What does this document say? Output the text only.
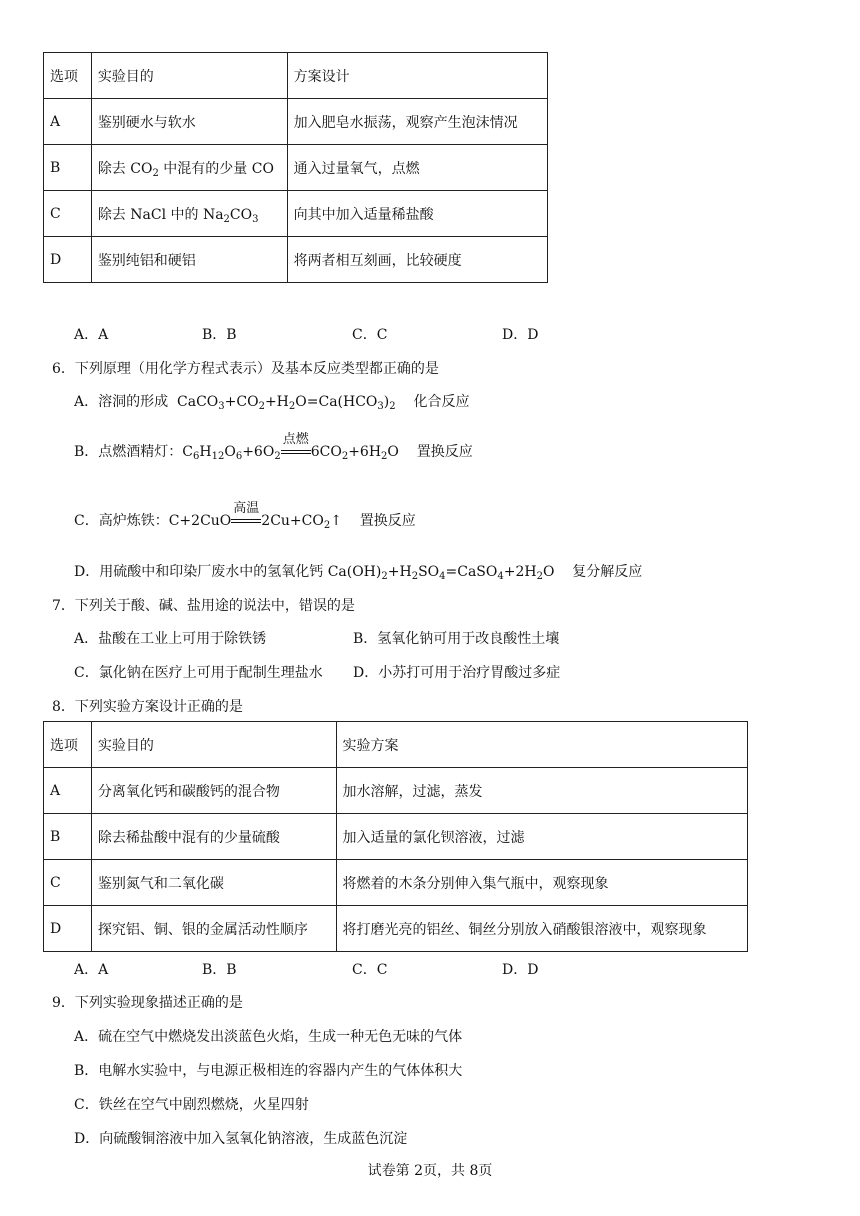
选项	实验目的	方案设计
A	鉴别硬水与软水	加入肥皂水振荡，观察产生泡沫情况
B	除去 $CO_2$ 中混有的少量 CO	通入过量氧气，点燃
C	除去 NaCl 中的 $Na_2CO_3$	向其中加入适量稀盐酸
D	鉴别纯铝和硬铝	将两者相互刻画，比较硬度
A．A	B．B	C．C	D．D
6．下列原理（用化学方程式表示）及基本反应类型都正确的是
A．溶洞的形成 $CaCO_3+CO_2+H_2O=Ca(HCO_3)_2$ 化合反应
B．点燃酒精灯：$C_6H_{12}O_6+6O_2$
点燃
$6CO_2+6H_2O$ 置换反应
C．高炉炼铁：C+2CuO
高温
$2Cu+CO_2↑$ 置换反应
D．用硫酸中和印染厂废水中的氢氧化钙 $Ca(OH)_2+H_2SO_4=CaSO_4+2H_2O$ 复分解反应
7．下列关于酸、碱、盐用途的说法中，错误的是
A．盐酸在工业上可用于除铁锈	B．氢氧化钠可用于改良酸性土壤
C．氯化钠在医疗上可用于配制生理盐水 D．小苏打可用于治疗胃酸过多症
8．下列实验方案设计正确的是
选项	实验目的	实验方案
A	分离氧化钙和碳酸钙的混合物	加水溶解，过滤，蒸发
B	除去稀盐酸中混有的少量硫酸	加入适量的氯化钡溶液，过滤
C	鉴别氮气和二氧化碳	将燃着的木条分别伸入集气瓶中，观察现象
D	探究铝、铜、银的金属活动性顺序	将打磨光亮的铝丝、铜丝分别放入硝酸银溶液中，观察现象
A．A	B．B	C．C	D．D
9．下列实验现象描述正确的是
A．硫在空气中燃烧发出淡蓝色火焰，生成一种无色无味的气体
B．电解水实验中，与电源正极相连的容器内产生的气体体积大
C．铁丝在空气中剧烈燃烧，火星四射
D．向硫酸铜溶液中加入氢氧化钠溶液，生成蓝色沉淀
试卷第 2页，共 8页
